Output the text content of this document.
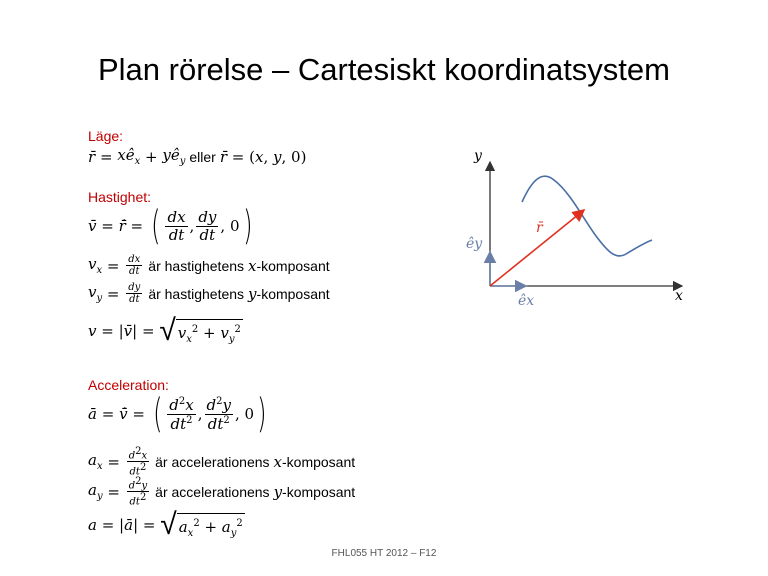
Plan rörelse – Cartesiskt koordinatsystem
Läge:
r̄ = $xê_x$ + $yê_y$ eller r̄ = ( x , y , 0)
Hastighet:
v̄ = r̄̇ = ( $\frac{dx}{dt}$ , $\frac{dy}{dt}$ , 0 )
$v_x = \frac{dx}{dt}$ är hastighetens x -komposant
$v_y = \frac{dy}{dt}$ är hastighetens y -komposant
v = | v̄ | = √ $v_x^2 + v_y^2$
Acceleration:
ā = v̄̇ = ( $\frac{d^2x}{dt^2}$ , $\frac{d^2y}{dt^2}$ , 0 )
$a_x = \frac{d^2x}{dt^2}$ är accelerationens x -komposant
$a_y = \frac{d^2y}{dt^2}$ är accelerationens y -komposant
a = | ā | = √ $a_x^2 + a_y^2$
y
x
r̄
êy
êx
FHL055 HT 2012 – F12
